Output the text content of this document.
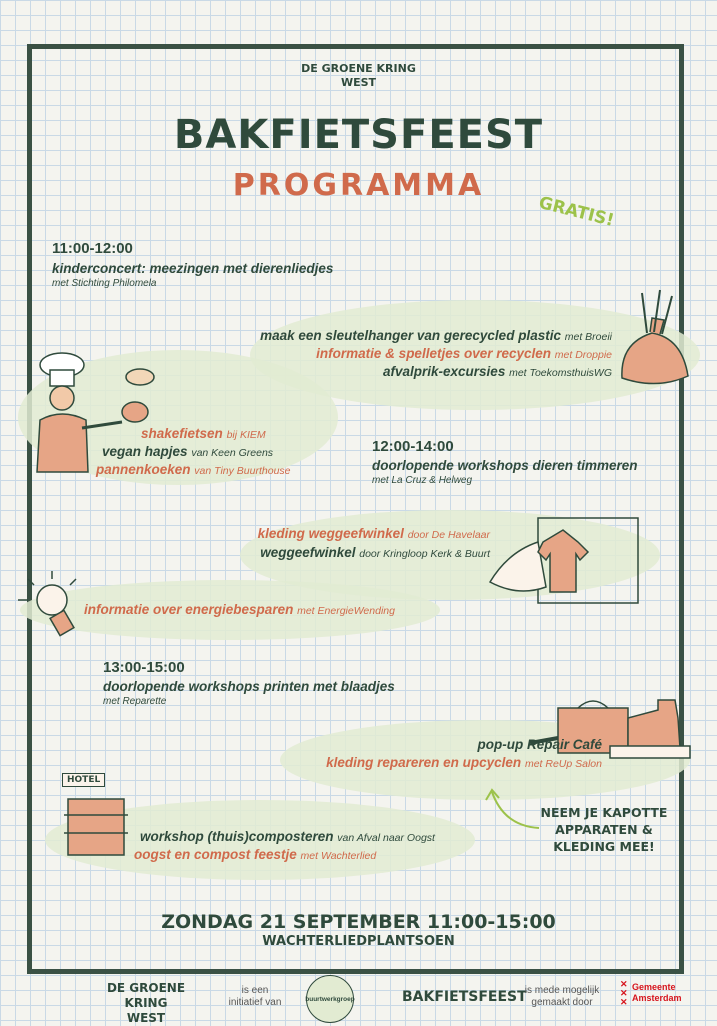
DE GROENE KRING
WEST
BAKFIETSFEEST
PROGRAMMA
GRATIS!
11:00-12:00
kinderconcert: meezingen met dierenliedjes
met Stichting Philomela
maak een sleutelhanger van gerecycled plastic met Broeii
informatie & spelletjes over recyclen met Droppie
afvalprik-excursies met ToekomsthuisWG
shakefietsen bij KIEM
vegan hapjes van Keen Greens
pannenkoeken van Tiny Buurthouse
12:00-14:00
doorlopende workshops dieren timmeren
met La Cruz & Helweg
kleding weggeefwinkel door De Havelaar
weggeefwinkel door Kringloop Kerk & Buurt
informatie over energiebesparen met EnergieWending
13:00-15:00
doorlopende workshops printen met blaadjes
met Reparette
pop-up Repair Café
kleding repareren en upcyclen met ReUp Salon
NEEM JE KAPOTTE
APPARATEN &
KLEDING MEE!
HOTEL
workshop (thuis)composteren van Afval naar Oogst
oogst en compost feestje met Wachterlied
ZONDAG 21 SEPTEMBER 11:00-15:00
WACHTERLIEDPLANTSOEN
DE GROENE KRING
WEST
is een
initiatief van	buurtwerkgroep	BAKFIETSFEEST
is mede mogelijk
gemaakt door
✕
✕
✕
Gemeente
Amsterdam
